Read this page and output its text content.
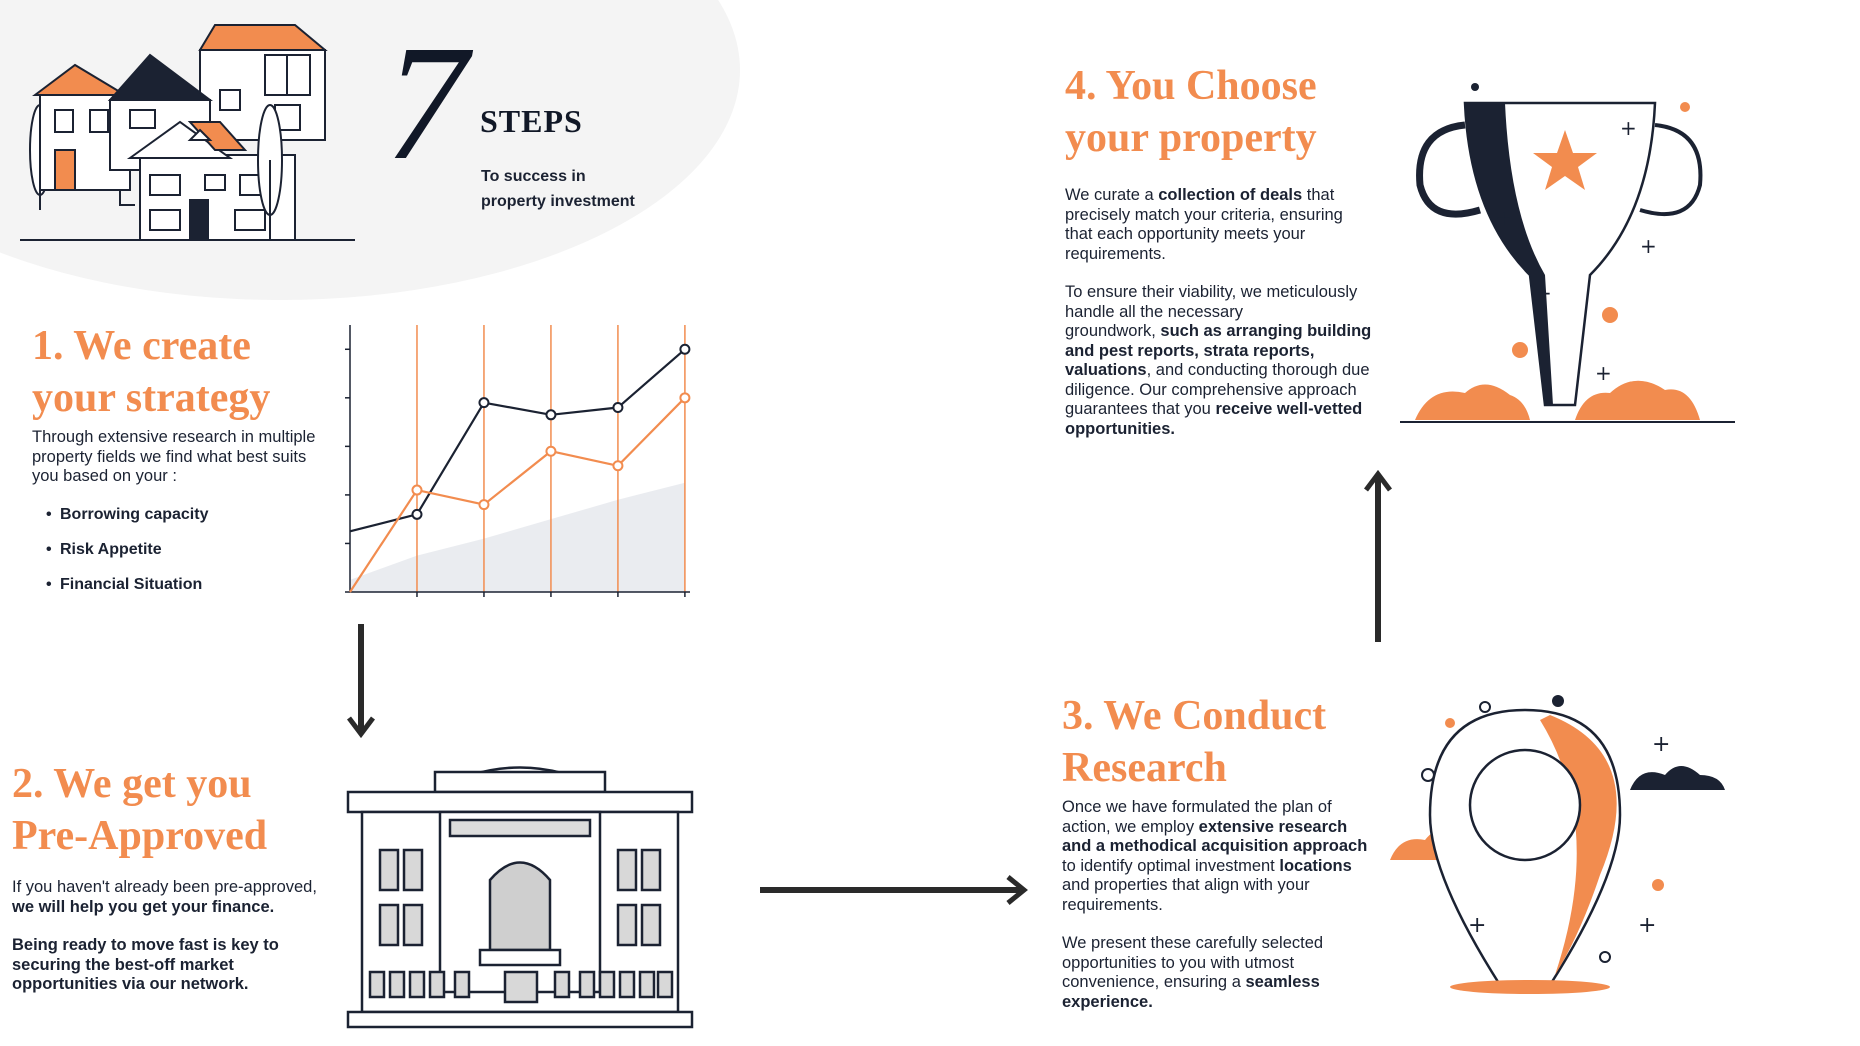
7 STEPS
To success in
property investment
1. We create
your strategy
Through extensive research in multiple
property fields we find what best suits
you based on your :
• Borrowing capacity
• Risk Appetite
• Financial Situation
2. We get you
Pre-Approved
If you haven't already been pre-approved,
we will help you get your finance.
Being ready to move fast is key to
securing the best-off market
opportunities via our network.
3. We Conduct
Research
Once we have formulated the plan of
action, we employ extensive research
and a methodical acquisition approach
to identify optimal investment locations
and properties that align with your
requirements.
We present these carefully selected
opportunities to you with utmost
convenience, ensuring a seamless
experience.
+
+	+
4. You Choose
your property
We curate a collection of deals that
precisely match your criteria, ensuring
that each opportunity meets your
requirements.
To ensure their viability, we meticulously
handle all the necessary
groundwork, such as arranging building
and pest reports, strata reports,
valuations, and conducting thorough due
diligence. Our comprehensive approach
guarantees that you receive well-vetted
opportunities.
+
+
+
+
+
